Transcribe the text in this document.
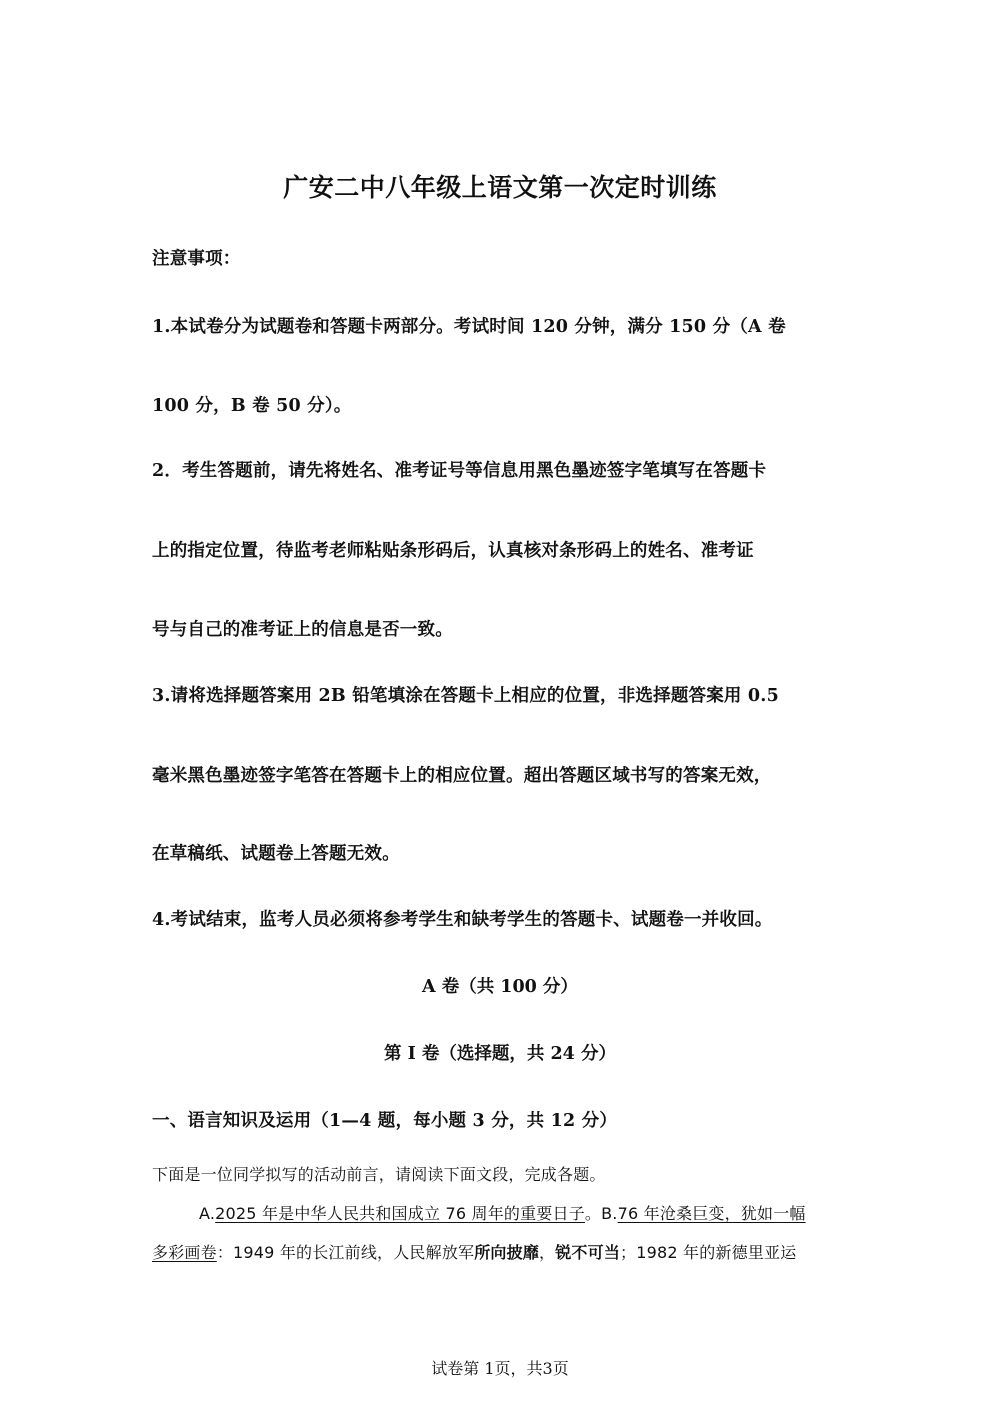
广安二中八年级上语文第一次定时训练
注意事项：
1.本试卷分为试题卷和答题卡两部分。考试时间 120 分钟，满分 150 分（A 卷
100 分，B 卷 50 分）。
2．考生答题前，请先将姓名、准考证号等信息用黑色墨迹签字笔填写在答题卡
上的指定位置，待监考老师粘贴条形码后，认真核对条形码上的姓名、准考证
号与自己的准考证上的信息是否一致。
3.请将选择题答案用 2B 铅笔填涂在答题卡上相应的位置，非选择题答案用 0.5
毫米黑色墨迹签字笔答在答题卡上的相应位置。超出答题区域书写的答案无效，
在草稿纸、试题卷上答题无效。
4.考试结束，监考人员必须将参考学生和缺考学生的答题卡、试题卷一并收回。
A 卷（共 100 分）
第 Ⅰ 卷（选择题，共 24 分）
一、语言知识及运用（1—4 题，每小题 3 分，共 12 分）
下面是一位同学拟写的活动前言，请阅读下面文段，完成各题。
A.2025 年是中华人民共和国成立 76 周年的重要日子。B.76 年沧桑巨变，犹如一幅
多彩画卷：1949 年的长江前线，人民解放军所向披靡，锐不可当；1982 年的新德里亚运
试卷第 1页，共3页
